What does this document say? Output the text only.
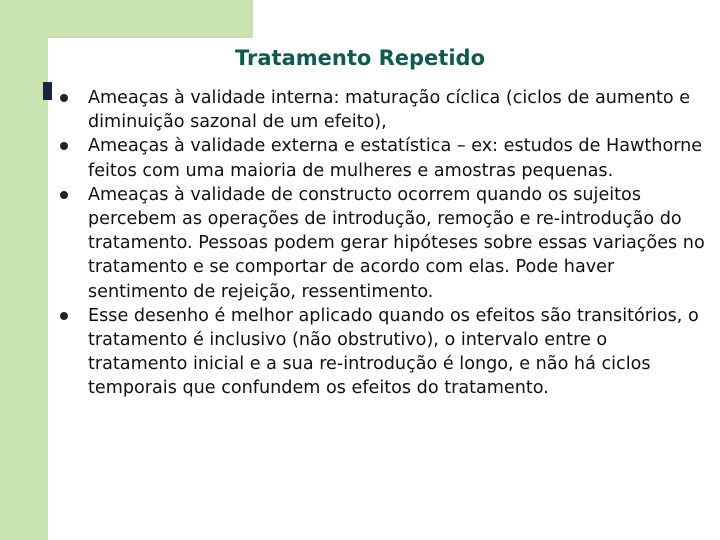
Tratamento Repetido
Ameaças à validade interna: maturação cíclica (ciclos de aumento e diminuição sazonal de um efeito),
Ameaças à validade externa e estatística – ex: estudos de Hawthorne feitos com uma maioria de mulheres e amostras pequenas.
Ameaças à validade de constructo ocorrem quando os sujeitos percebem as operações de introdução, remoção e re-introdução do tratamento. Pessoas podem gerar hipóteses sobre essas variações no tratamento e se comportar de acordo com elas. Pode haver sentimento de rejeição, ressentimento.
Esse desenho é melhor aplicado quando os efeitos são transitórios, o tratamento é inclusivo (não obstrutivo), o intervalo entre o tratamento inicial e a sua re-introdução é longo, e não há ciclos temporais que confundem os efeitos do tratamento.
